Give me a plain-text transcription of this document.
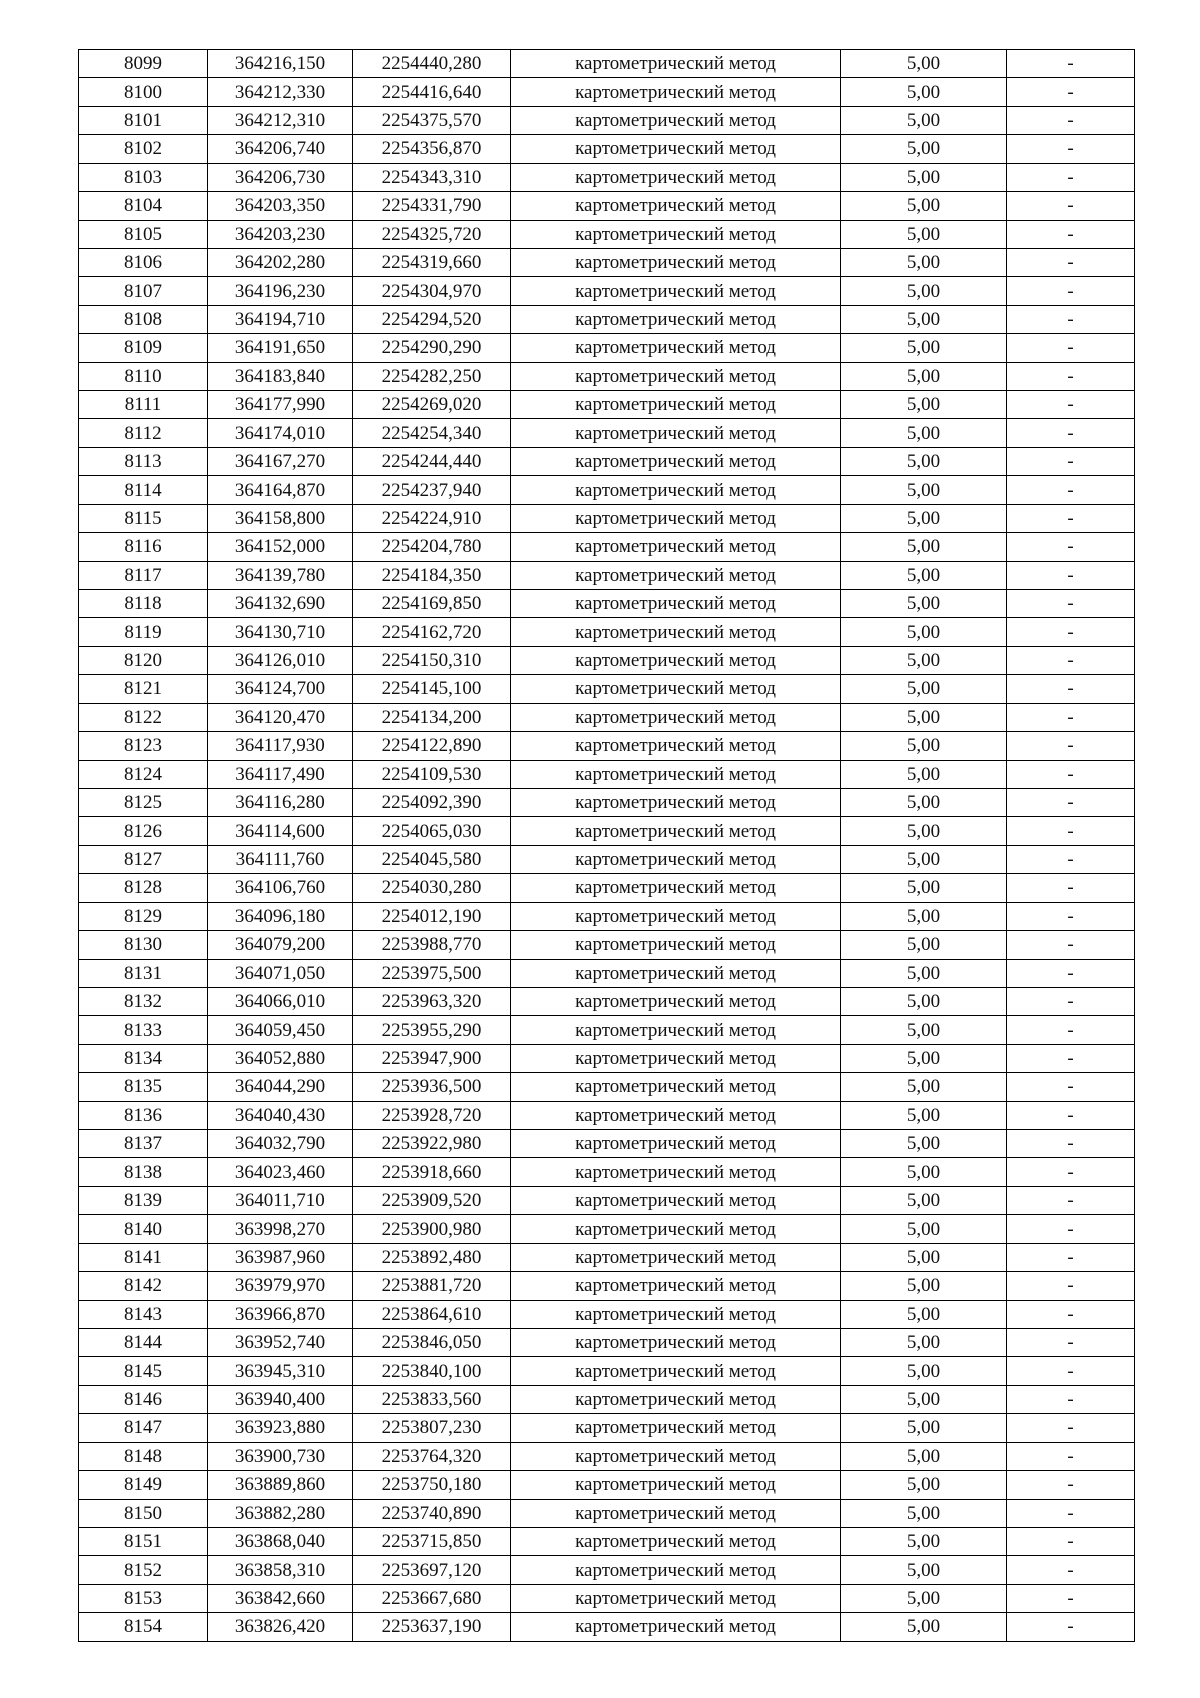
8099	364216,150	2254440,280	картометрический метод	5,00	-
8100	364212,330	2254416,640	картометрический метод	5,00	-
8101	364212,310	2254375,570	картометрический метод	5,00	-
8102	364206,740	2254356,870	картометрический метод	5,00	-
8103	364206,730	2254343,310	картометрический метод	5,00	-
8104	364203,350	2254331,790	картометрический метод	5,00	-
8105	364203,230	2254325,720	картометрический метод	5,00	-
8106	364202,280	2254319,660	картометрический метод	5,00	-
8107	364196,230	2254304,970	картометрический метод	5,00	-
8108	364194,710	2254294,520	картометрический метод	5,00	-
8109	364191,650	2254290,290	картометрический метод	5,00	-
8110	364183,840	2254282,250	картометрический метод	5,00	-
8111	364177,990	2254269,020	картометрический метод	5,00	-
8112	364174,010	2254254,340	картометрический метод	5,00	-
8113	364167,270	2254244,440	картометрический метод	5,00	-
8114	364164,870	2254237,940	картометрический метод	5,00	-
8115	364158,800	2254224,910	картометрический метод	5,00	-
8116	364152,000	2254204,780	картометрический метод	5,00	-
8117	364139,780	2254184,350	картометрический метод	5,00	-
8118	364132,690	2254169,850	картометрический метод	5,00	-
8119	364130,710	2254162,720	картометрический метод	5,00	-
8120	364126,010	2254150,310	картометрический метод	5,00	-
8121	364124,700	2254145,100	картометрический метод	5,00	-
8122	364120,470	2254134,200	картометрический метод	5,00	-
8123	364117,930	2254122,890	картометрический метод	5,00	-
8124	364117,490	2254109,530	картометрический метод	5,00	-
8125	364116,280	2254092,390	картометрический метод	5,00	-
8126	364114,600	2254065,030	картометрический метод	5,00	-
8127	364111,760	2254045,580	картометрический метод	5,00	-
8128	364106,760	2254030,280	картометрический метод	5,00	-
8129	364096,180	2254012,190	картометрический метод	5,00	-
8130	364079,200	2253988,770	картометрический метод	5,00	-
8131	364071,050	2253975,500	картометрический метод	5,00	-
8132	364066,010	2253963,320	картометрический метод	5,00	-
8133	364059,450	2253955,290	картометрический метод	5,00	-
8134	364052,880	2253947,900	картометрический метод	5,00	-
8135	364044,290	2253936,500	картометрический метод	5,00	-
8136	364040,430	2253928,720	картометрический метод	5,00	-
8137	364032,790	2253922,980	картометрический метод	5,00	-
8138	364023,460	2253918,660	картометрический метод	5,00	-
8139	364011,710	2253909,520	картометрический метод	5,00	-
8140	363998,270	2253900,980	картометрический метод	5,00	-
8141	363987,960	2253892,480	картометрический метод	5,00	-
8142	363979,970	2253881,720	картометрический метод	5,00	-
8143	363966,870	2253864,610	картометрический метод	5,00	-
8144	363952,740	2253846,050	картометрический метод	5,00	-
8145	363945,310	2253840,100	картометрический метод	5,00	-
8146	363940,400	2253833,560	картометрический метод	5,00	-
8147	363923,880	2253807,230	картометрический метод	5,00	-
8148	363900,730	2253764,320	картометрический метод	5,00	-
8149	363889,860	2253750,180	картометрический метод	5,00	-
8150	363882,280	2253740,890	картометрический метод	5,00	-
8151	363868,040	2253715,850	картометрический метод	5,00	-
8152	363858,310	2253697,120	картометрический метод	5,00	-
8153	363842,660	2253667,680	картометрический метод	5,00	-
8154	363826,420	2253637,190	картометрический метод	5,00	-
